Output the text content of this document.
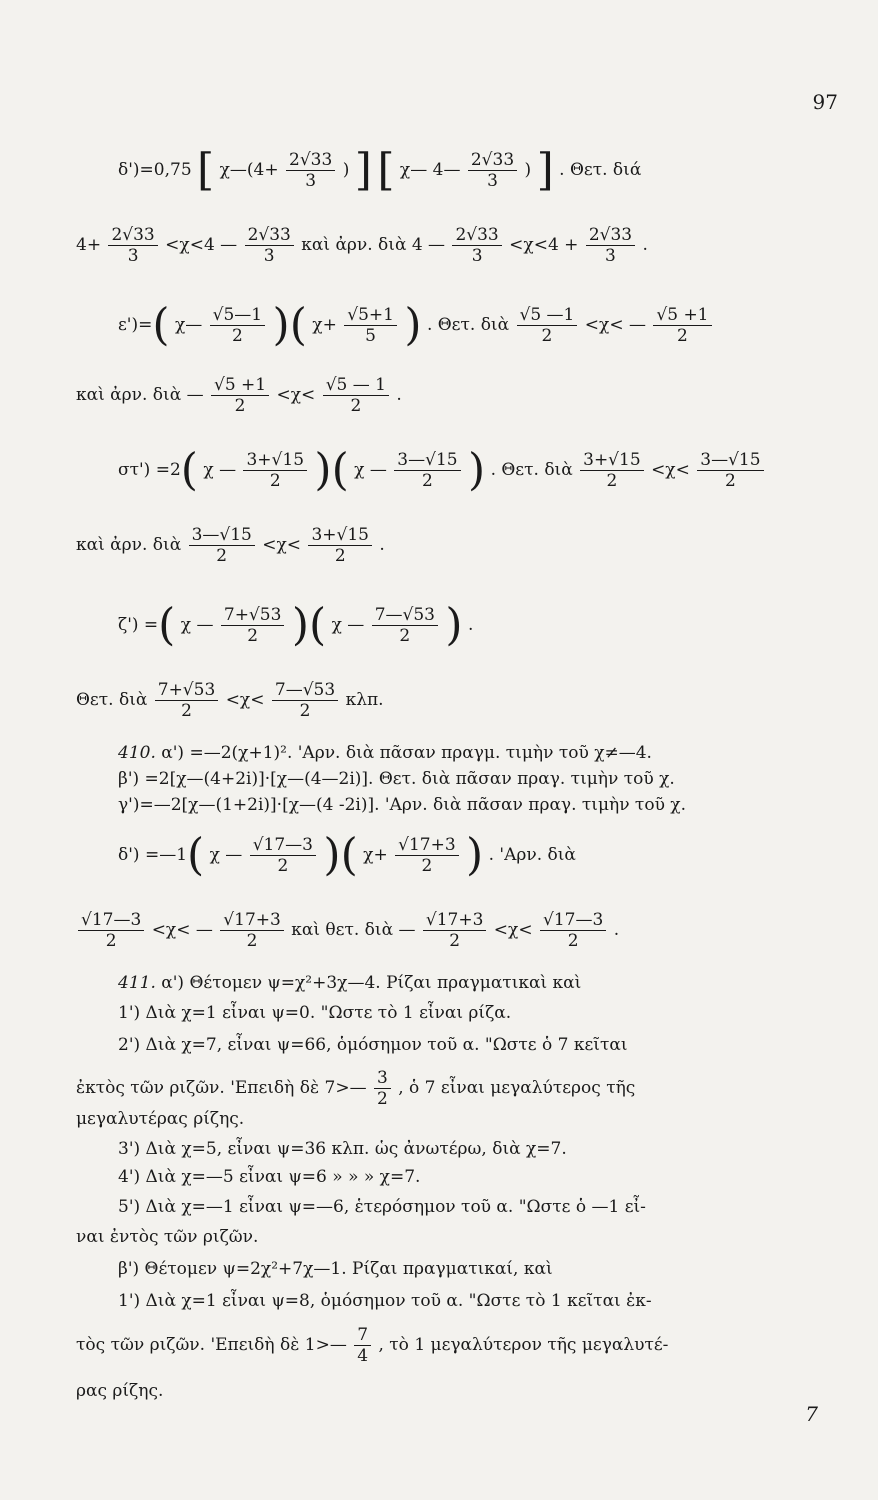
97
δ')=0,75 [ χ—(4+ $\frac{2√33}{3}$ ) ] [ χ— 4— $\frac{2√33}{3}$ ) ] . Θετ. διά
$4+ \frac{2√33}{3} <\chi<4$ — $\frac{2√33}{3}$ καὶ ἀρν. διὰ 4 — $\frac{2√33}{3} <\chi<4 + \frac{2√33}{3}$ .
ε')=( χ— $\frac{√5—1}{2}$ )( $\chi+ \frac{√5+1}{5}$ ) . Θετ. διὰ $\frac{√5 —1}{2} <\chi<$ — $\frac{√5 +1}{2}$
καὶ ἀρν. διὰ — $\frac{√5 +1}{2} <\chi< \frac{√5 — 1}{2}$ .
στ') =2( χ — $\frac{3+√15}{2}$ )( χ — $\frac{3—√15}{2}$ ) . Θετ. διὰ $\frac{3+√15}{2} <\chi< \frac{3—√15}{2}$
καὶ ἀρν. διὰ $\frac{3—√15}{2} <\chi< \frac{3+√15}{2}$ .
ζ') =( χ — $\frac{7+√53}{2}$ )( χ — $\frac{7—√53}{2}$ ) .
Θετ. διὰ $\frac{7+√53}{2} <\chi< \frac{7—√53}{2} \kappa\lambda\pi$.
410. α') =—2(χ+1)². 'Αρν. διὰ πᾶσαν πραγμ. τιμὴν τοῦ χ≠—4.
β') =2[χ—(4+2i)]·[χ—(4—2i)]. Θετ. διὰ πᾶσαν πραγ. τιμὴν τοῦ χ.
γ')=—2[χ—(1+2i)]·[χ—(4 -2i)]. 'Αρν. διὰ πᾶσαν πραγ. τιμὴν τοῦ χ.
δ') =—1( χ — $\frac{√17—3}{2}$ )( $\chi+ \frac{√17+3}{2}$ ) . 'Αρν. διὰ
$\frac{√17—3}{2} <\chi<$ — $\frac{√17+3}{2}$ καὶ θετ. διὰ — $\frac{√17+3}{2} <\chi< \frac{√17—3}{2}$ .
411. α') Θέτομεν ψ=χ²+3χ—4. Ρίζαι πραγματικαὶ καὶ
1') Διὰ χ=1 εἶναι ψ=0. "Ωστε τὸ 1 εἶναι ρίζα.
2') Διὰ χ=7, εἶναι ψ=66, ὁμόσημον τοῦ α. "Ωστε ὁ 7 κεῖται
ἐκτὸς τῶν ριζῶν. 'Επειδὴ δὲ 7>— $\frac{3}{2}$ , ὁ 7 εἶναι μεγαλύτερος τῆς
μεγαλυτέρας ρίζης.
3') Διὰ χ=5, εἶναι ψ=36 κλπ. ὡς ἀνωτέρω, διὰ χ=7.
4') Διὰ χ=—5 εἶναι ψ=6 » » » χ=7.
5') Διὰ χ=—1 εἶναι ψ=—6, ἑτερόσημον τοῦ α. "Ωστε ὁ —1 εἶ-
ναι ἐντὸς τῶν ριζῶν.
β') Θέτομεν ψ=2χ²+7χ—1. Ρίζαι πραγματικαί, καὶ
1') Διὰ χ=1 εἶναι ψ=8, ὁμόσημον τοῦ α. "Ωστε τὸ 1 κεῖται ἐκ-
τὸς τῶν ριζῶν. 'Επειδὴ δὲ 1>— $\frac{7}{4}$ , τὸ 1 μεγαλύτερον τῆς μεγαλυτέ-
ρας ρίζης.
7
